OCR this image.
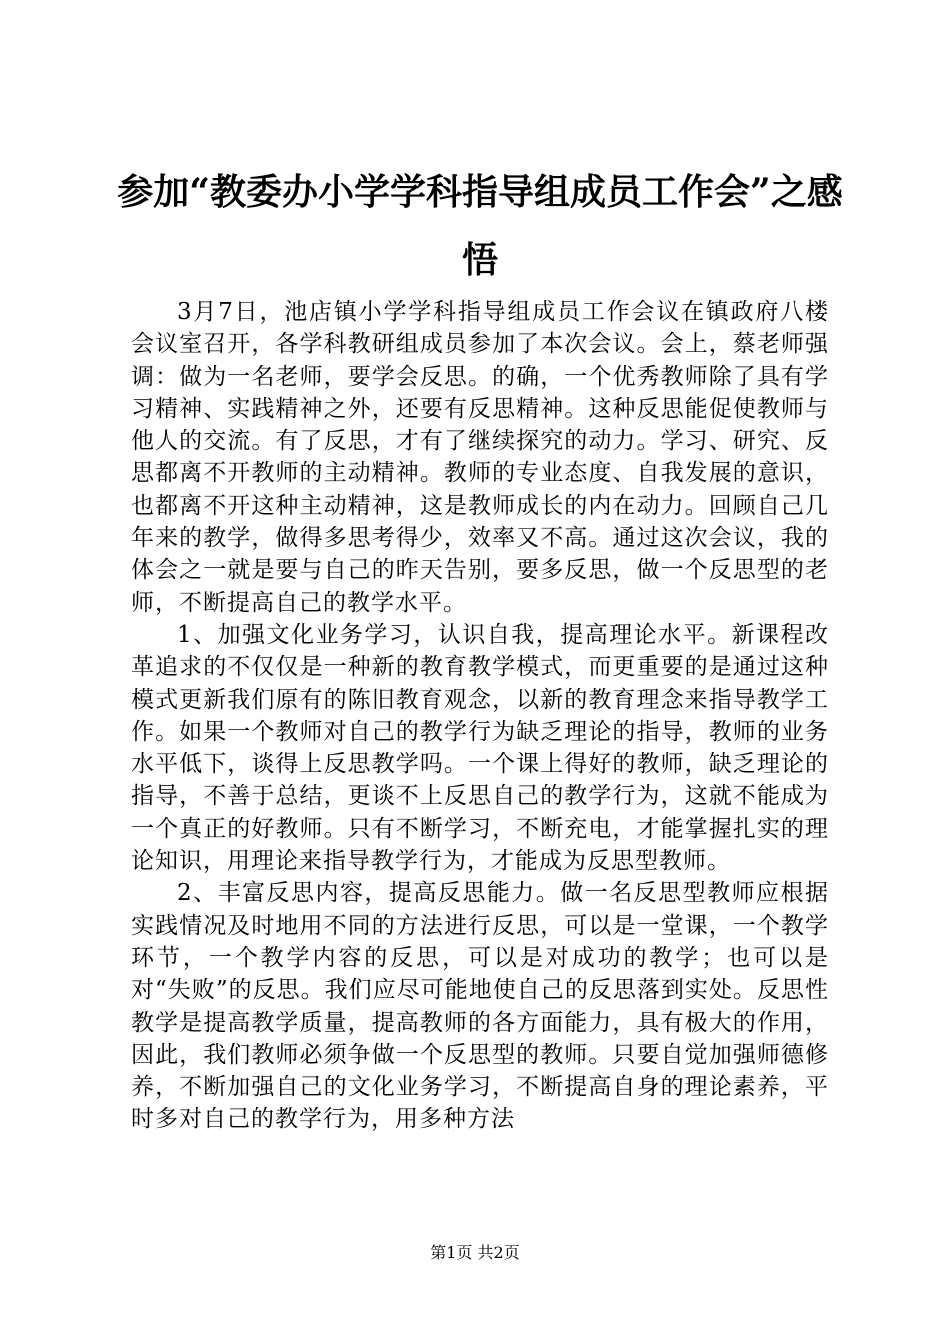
参加“教委办小学学科指导组成员工作会”之感悟

3月7日，池店镇小学学科指导组成员工作会议在镇政府八楼会议室召开，各学科教研组成员参加了本次会议。会上，蔡老师强调：做为一名老师，要学会反思。的确，一个优秀教师除了具有学习精神、实践精神之外，还要有反思精神。这种反思能促使教师与他人的交流。有了反思，才有了继续探究的动力。学习、研究、反思都离不开教师的主动精神。教师的专业态度、自我发展的意识，也都离不开这种主动精神，这是教师成长的内在动力。回顾自己几年来的教学，做得多思考得少，效率又不高。通过这次会议，我的体会之一就是要与自己的昨天告别，要多反思，做一个反思型的老师，不断提高自己的教学水平。

1、加强文化业务学习，认识自我，提高理论水平。新课程改革追求的不仅仅是一种新的教育教学模式，而更重要的是通过这种模式更新我们原有的陈旧教育观念，以新的教育理念来指导教学工作。如果一个教师对自己的教学行为缺乏理论的指导，教师的业务水平低下，谈得上反思教学吗。一个课上得好的教师，缺乏理论的指导，不善于总结，更谈不上反思自己的教学行为，这就不能成为一个真正的好教师。只有不断学习，不断充电，才能掌握扎实的理论知识，用理论来指导教学行为，才能成为反思型教师。

2、丰富反思内容，提高反思能力。做一名反思型教师应根据实践情况及时地用不同的方法进行反思，可以是一堂课，一个教学环节，一个教学内容的反思，可以是对成功的教学；也可以是对“失败”的反思。我们应尽可能地使自己的反思落到实处。反思性教学是提高教学质量，提高教师的各方面能力，具有极大的作用，因此，我们教师必须争做一个反思型的教师。只要自觉加强师德修养，不断加强自己的文化业务学习，不断提高自身的理论素养，平时多对自己的教学行为，用多种方法

第1页 共2页
